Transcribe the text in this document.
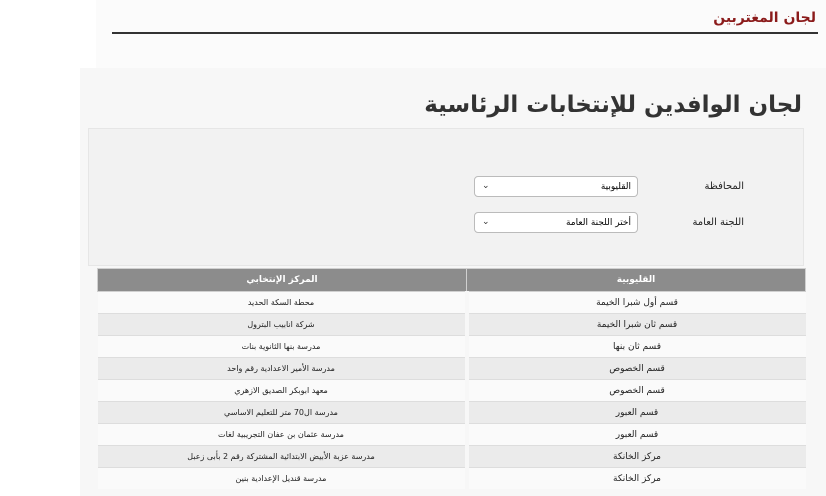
لجان المغتربين
لجان الوافدين للإنتخابات الرئاسية
المحافظة
القليوبية
⌄
اللجنة العامة
أختر اللجنة العامة
⌄
القليوبية	المركز الإنتخابي
قسم أول شبرا الخيمة	محطة السكة الحديد
قسم ثان شبرا الخيمة	شركة انابيب البترول
قسم ثان بنها	مدرسة بنها الثانوية بنات
قسم الخصوص	مدرسة الأمير الاعدادية رقم واحد
قسم الخصوص	معهد ابوبكر الصديق الازهري
قسم العبور	مدرسة ال70 متر للتعليم الاساسي
قسم العبور	مدرسة عثمان بن عفان التجريبية لغات
مركز الخانكة	مدرسة عزبة الأبيض الابتدائية المشتركة رقم 2 بأبى زعبل
مركز الخانكة	مدرسة قنديل الإعدادية بنين
